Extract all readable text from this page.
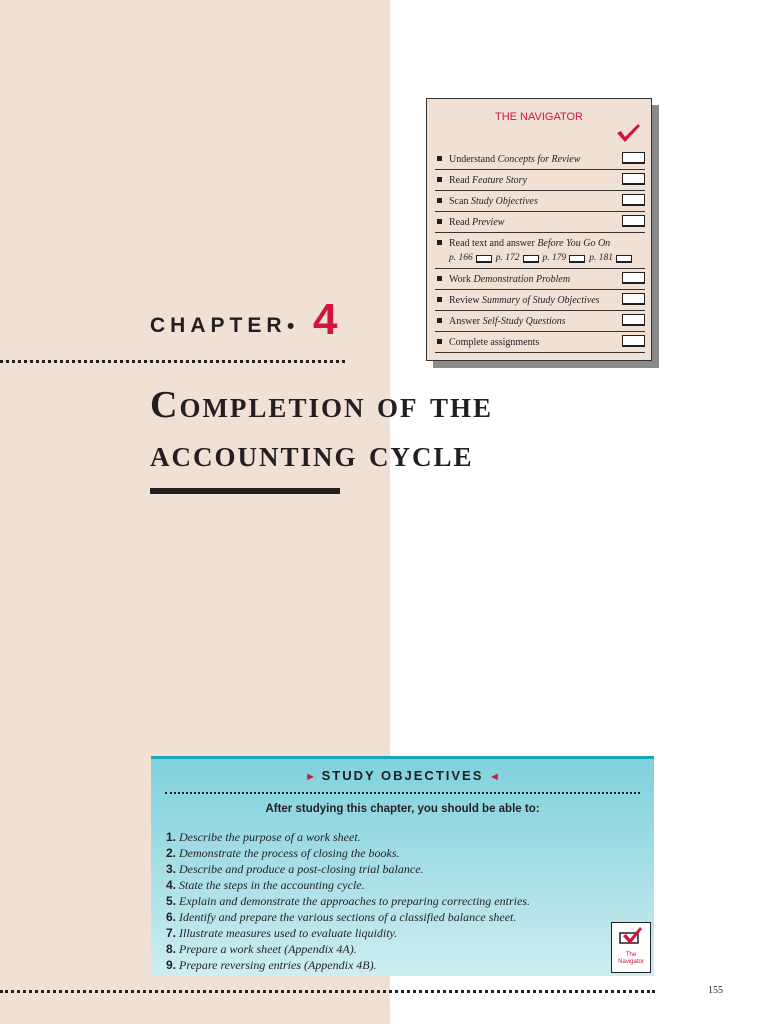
THE NAVIGATOR
Understand Concepts for Review
Read Feature Story
Scan Study Objectives
Read Preview
Read text and answer Before You Go On
p. 166 p. 172 p. 179 p. 181
Work Demonstration Problem
Review Summary of Study Objectives
Answer Self-Study Questions
Complete assignments
CHAPTER • 4
Completion of the
accounting cycle
► STUDY OBJECTIVES ◄
After studying this chapter, you should be able to:
1. Describe the purpose of a work sheet.
2. Demonstrate the process of closing the books.
3. Describe and produce a post-closing trial balance.
4. State the steps in the accounting cycle.
5. Explain and demonstrate the approaches to preparing correcting entries.
6. Identify and prepare the various sections of a classified balance sheet.
7. Illustrate measures used to evaluate liquidity.
8. Prepare a work sheet (Appendix 4A).
9. Prepare reversing entries (Appendix 4B).
The
Navigator
155
